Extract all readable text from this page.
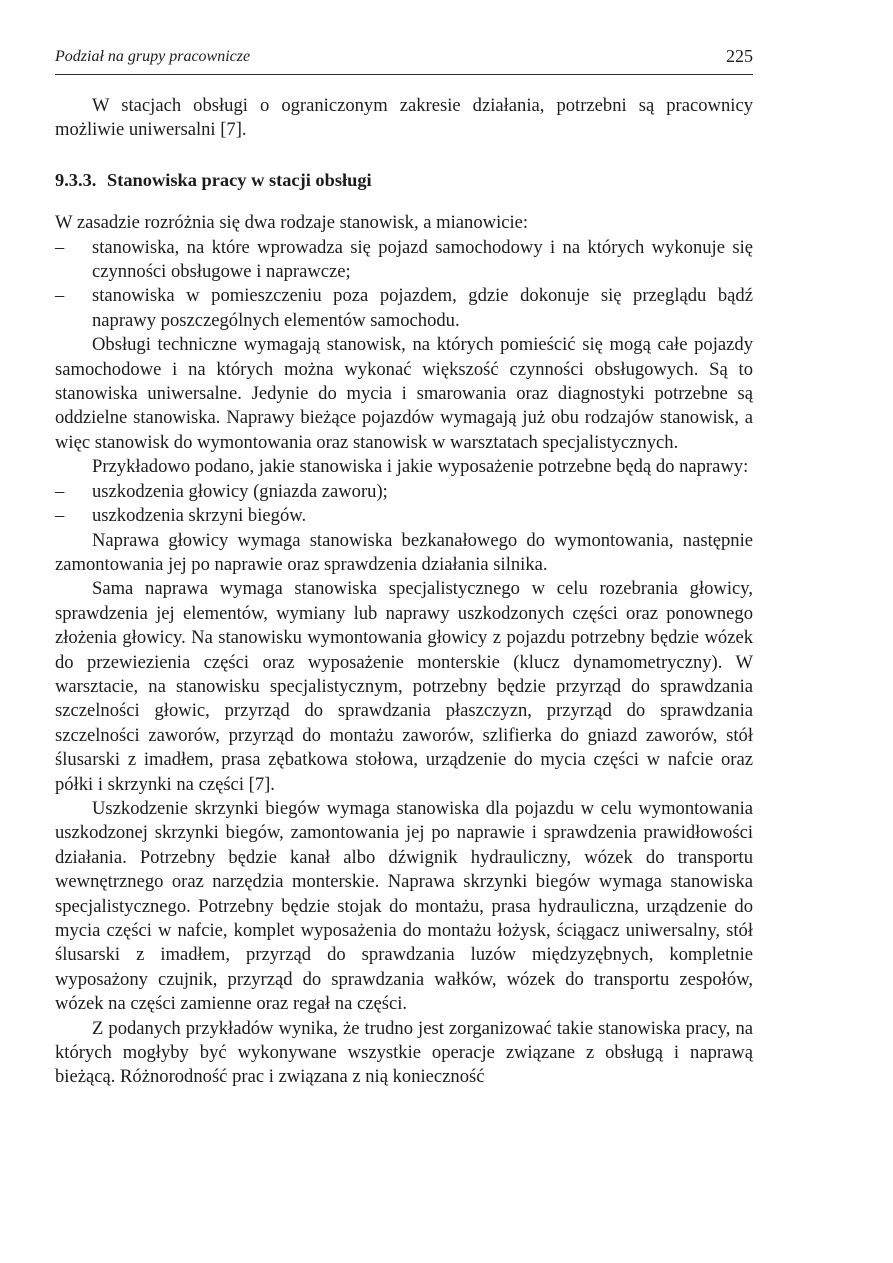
Podział na grupy pracownicze	225

W stacjach obsługi o ograniczonym zakresie działania, potrzebni są pracownicy możliwie uniwersalni [7].

9.3.3. Stanowiska pracy w stacji obsługi

W zasadzie rozróżnia się dwa rodzaje stanowisk, a mianowicie:

– stanowiska, na które wprowadza się pojazd samochodowy i na których wykonuje się czynności obsługowe i naprawcze;
– stanowiska w pomieszczeniu poza pojazdem, gdzie dokonuje się przeglądu bądź naprawy poszczególnych elementów samochodu.

Obsługi techniczne wymagają stanowisk, na których pomieścić się mogą całe pojazdy samochodowe i na których można wykonać większość czynności obsługowych. Są to stanowiska uniwersalne. Jedynie do mycia i smarowania oraz diagnostyki potrzebne są oddzielne stanowiska. Naprawy bieżące pojazdów wymagają już obu rodzajów stanowisk, a więc stanowisk do wymontowania oraz stanowisk w warsztatach specjalistycznych.

Przykładowo podano, jakie stanowiska i jakie wyposażenie potrzebne będą do naprawy:

– uszkodzenia głowicy (gniazda zaworu);
– uszkodzenia skrzyni biegów.

Naprawa głowicy wymaga stanowiska bezkanałowego do wymontowania, następnie zamontowania jej po naprawie oraz sprawdzenia działania silnika.

Sama naprawa wymaga stanowiska specjalistycznego w celu rozebrania głowicy, sprawdzenia jej elementów, wymiany lub naprawy uszkodzonych części oraz ponownego złożenia głowicy. Na stanowisku wymontowania głowicy z pojazdu potrzebny będzie wózek do przewiezienia części oraz wyposażenie monterskie (klucz dynamometryczny). W warsztacie, na stanowisku specjalistycznym, potrzebny będzie przyrząd do sprawdzania szczelności głowic, przyrząd do sprawdzania płaszczyzn, przyrząd do sprawdzania szczelności zaworów, przyrząd do montażu zaworów, szlifierka do gniazd zaworów, stół ślusarski z imadłem, prasa zębatkowa stołowa, urządzenie do mycia części w nafcie oraz półki i skrzynki na części [7].

Uszkodzenie skrzynki biegów wymaga stanowiska dla pojazdu w celu wymontowania uszkodzonej skrzynki biegów, zamontowania jej po naprawie i sprawdzenia prawidłowości działania. Potrzebny będzie kanał albo dźwignik hydrauliczny, wózek do transportu wewnętrznego oraz narzędzia monterskie. Naprawa skrzynki biegów wymaga stanowiska specjalistycznego. Potrzebny będzie stojak do montażu, prasa hydrauliczna, urządzenie do mycia części w nafcie, komplet wyposażenia do montażu łożysk, ściągacz uniwersalny, stół ślusarski z imadłem, przyrząd do sprawdzania luzów międzyzębnych, kompletnie wyposażony czujnik, przyrząd do sprawdzania wałków, wózek do transportu zespołów, wózek na części zamienne oraz regał na części.

Z podanych przykładów wynika, że trudno jest zorganizować takie stanowiska pracy, na których mogłyby być wykonywane wszystkie operacje związane z obsługą i naprawą bieżącą. Różnorodność prac i związana z nią konieczność
